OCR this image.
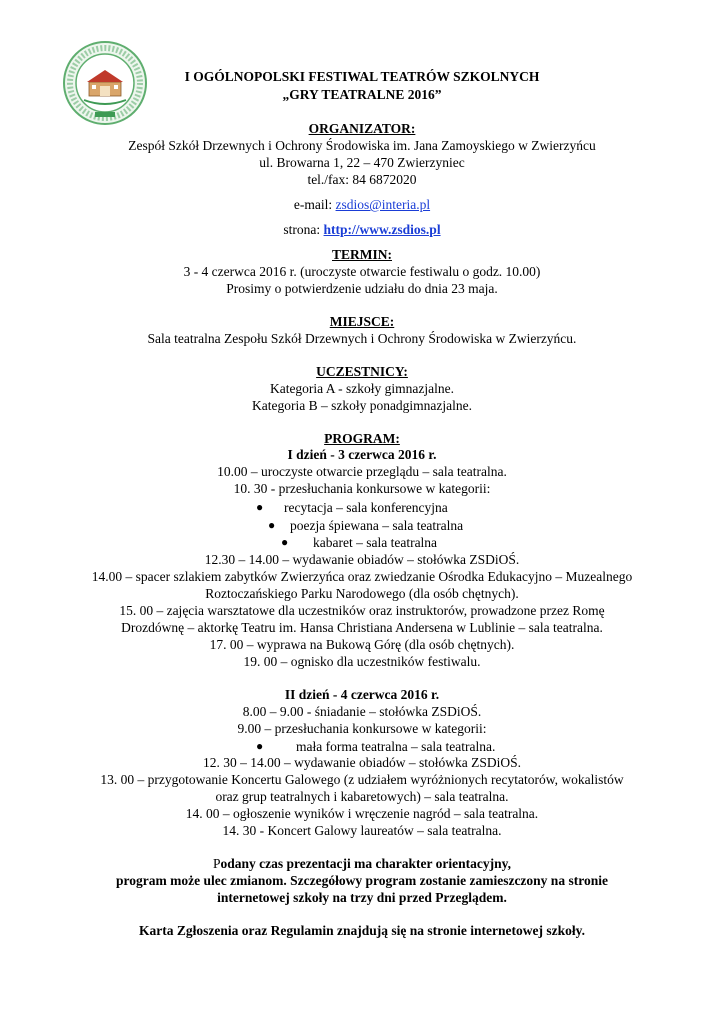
I OGÓLNOPOLSKI FESTIWAL TEATRÓW SZKOLNYCH
„GRY TEATRALNE 2016”
ORGANIZATOR:
Zespół Szkół Drzewnych i Ochrony Środowiska im. Jana Zamoyskiego w Zwierzyńcu
ul. Browarna 1, 22 – 470 Zwierzyniec
tel./fax: 84 6872020
e-mail: zsdios@interia.pl
strona: http://www.zsdios.pl
TERMIN:
3 - 4 czerwca 2016 r. (uroczyste otwarcie festiwalu o godz. 10.00)
Prosimy o potwierdzenie udziału do dnia 23 maja.
MIEJSCE:
Sala teatralna Zespołu Szkół Drzewnych i Ochrony Środowiska w Zwierzyńcu.
UCZESTNICY:
Kategoria A - szkoły gimnazjalne.
Kategoria B – szkoły ponadgimnazjalne.
PROGRAM:
I dzień - 3 czerwca 2016 r.
10.00 – uroczyste otwarcie przeglądu – sala teatralna.
10. 30 - przesłuchania konkursowe w kategorii:
● recytacja – sala konferencyjna
● poezja śpiewana – sala teatralna
● kabaret – sala teatralna
12.30 – 14.00 – wydawanie obiadów – stołówka ZSDiOŚ.
14.00 – spacer szlakiem zabytków Zwierzyńca oraz zwiedzanie Ośrodka Edukacyjno – Muzealnego
Roztoczańskiego Parku Narodowego (dla osób chętnych).
15. 00 – zajęcia warsztatowe dla uczestników oraz instruktorów, prowadzone przez Romę
Drozdównę – aktorkę Teatru im. Hansa Christiana Andersena w Lublinie – sala teatralna.
17. 00 – wyprawa na Bukową Górę (dla osób chętnych).
19. 00 – ognisko dla uczestników festiwalu.
II dzień - 4 czerwca 2016 r.
8.00 – 9.00 - śniadanie – stołówka ZSDiOŚ.
9.00 – przesłuchania konkursowe w kategorii:
● mała forma teatralna – sala teatralna.
12. 30 – 14.00 – wydawanie obiadów – stołówka ZSDiOŚ.
13. 00 – przygotowanie Koncertu Galowego (z udziałem wyróżnionych recytatorów, wokalistów
oraz grup teatralnych i kabaretowych) – sala teatralna.
14. 00 – ogłoszenie wyników i wręczenie nagród – sala teatralna.
14. 30 - Koncert Galowy laureatów – sala teatralna.
Podany czas prezentacji ma charakter orientacyjny,
program może ulec zmianom. Szczegółowy program zostanie zamieszczony na stronie
internetowej szkoły na trzy dni przed Przeglądem.
Karta Zgłoszenia oraz Regulamin znajdują się na stronie internetowej szkoły.
